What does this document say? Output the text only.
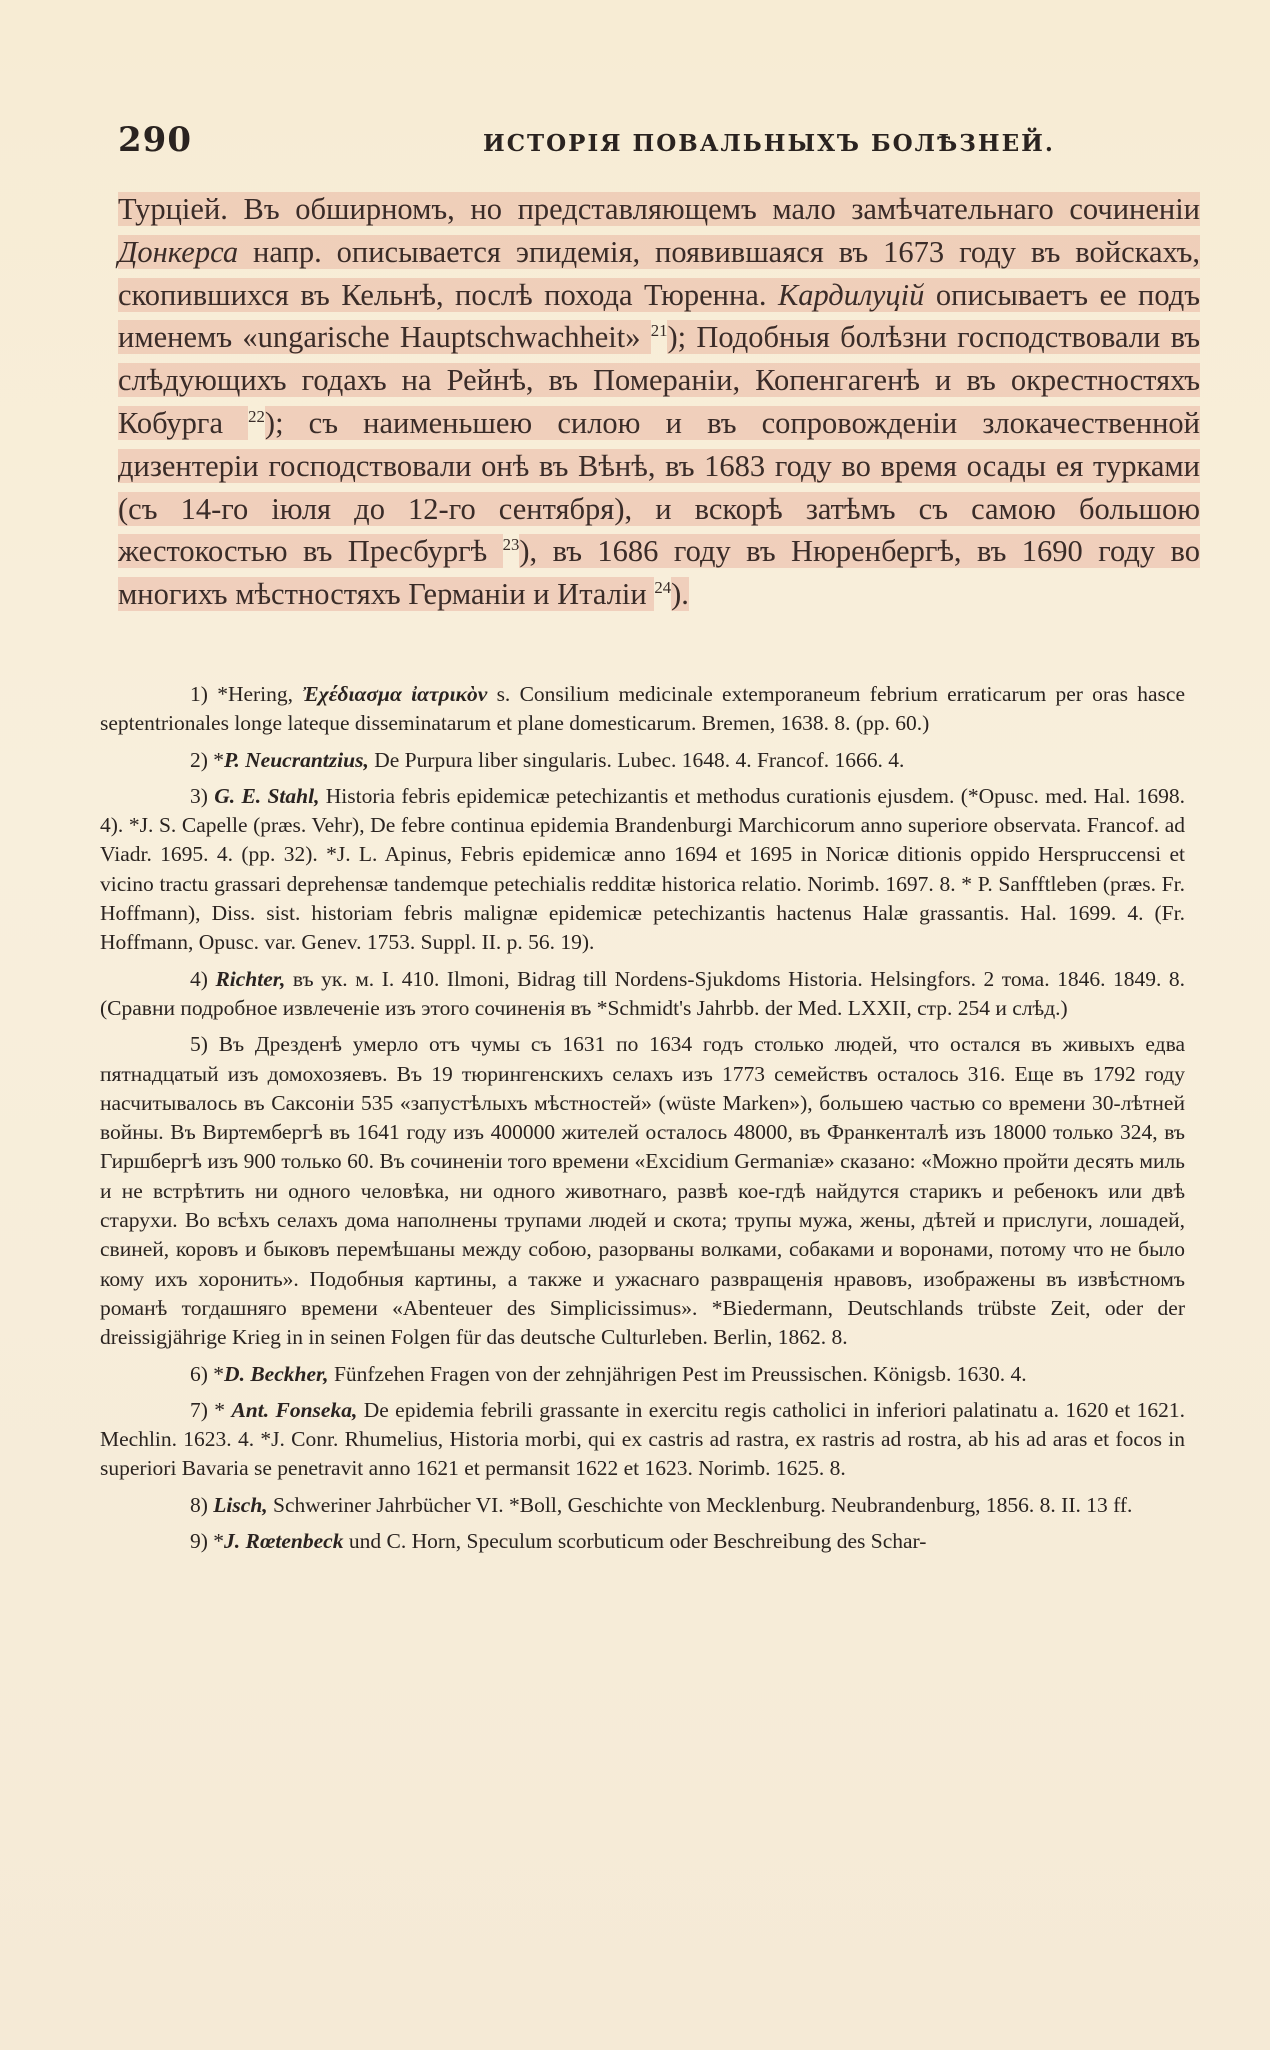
290	ИСТОРІЯ ПОВАЛЬНЫХЪ БОЛѢЗНЕЙ.
Турціей. Въ обширномъ, но представляющемъ мало замѣчательнаго сочиненіи Донкерса напр. описывается эпидемія, появившаяся въ 1673 году въ войскахъ, скопившихся въ Кельнѣ, послѣ похода Тюренна. Кардилуцій описываетъ ее подъ именемъ «ungarische Hauptschwachheit» $^{21}$); Подобныя болѣзни господствовали въ слѣдующихъ годахъ на Рейнѣ, въ Помераніи, Копенгагенѣ и въ окрестностяхъ Кобурга $^{22}$); съ наименьшею силою и въ сопровожденіи злокачественной дизентеріи господствовали онѣ въ Вѣнѣ, въ 1683 году во время осады ея турками (съ 14-го іюля до 12-го сентября), и вскорѣ затѣмъ съ самою большою жестокостью въ Пресбургѣ $^{23}$), въ 1686 году въ Нюренбергѣ, въ 1690 году во многихъ мѣстностяхъ Германіи и Италіи $^{24}$).

1) *Hering, Ἐχέδιασμα ἰατρικὸν s. Consilium medicinale extemporaneum febrium erraticarum per oras hasce septentrionales longe lateque disseminatarum et plane domesticarum. Bremen, 1638. 8. (pp. 60.)

2) *P. Neucrantzius, De Purpura liber singularis. Lubec. 1648. 4. Francof. 1666. 4.

3) G. E. Stahl, Historia febris epidemicæ petechizantis et methodus curationis ejusdem. (*Opusc. med. Hal. 1698. 4). *J. S. Capelle (præs. Vehr), De febre continua epidemia Brandenburgi Marchicorum anno superiore observata. Francof. ad Viadr. 1695. 4. (pp. 32). *J. L. Apinus, Febris epidemicæ anno 1694 et 1695 in Noricæ ditionis oppido Herspruccensi et vicino tractu grassari deprehensæ tandemque petechialis redditæ historica relatio. Norimb. 1697. 8. * P. Sanfftleben (præs. Fr. Hoffmann), Diss. sist. historiam febris malignæ epidemicæ petechizantis hactenus Halæ grassantis. Hal. 1699. 4. (Fr. Hoffmann, Opusc. var. Genev. 1753. Suppl. II. p. 56. 19).

4) Richter, въ ук. м. I. 410. Ilmoni, Bidrag till Nordens-Sjukdoms Historia. Helsingfors. 2 тома. 1846. 1849. 8. (Сравни подробное извлеченіе изъ этого сочиненія въ *Schmidt's Jahrbb. der Med. LXXII, стр. 254 и слѣд.)

5) Въ Дрезденѣ умерло отъ чумы съ 1631 по 1634 годъ столько людей, что остался въ живыхъ едва пятнадцатый изъ домохозяевъ. Въ 19 тюрингенскихъ селахъ изъ 1773 семействъ осталось 316. Еще въ 1792 году насчитывалось въ Саксоніи 535 «запустѣлыхъ мѣстностей» (wüste Marken»), большею частью со времени 30-лѣтней войны. Въ Виртембергѣ въ 1641 году изъ 400000 жителей осталось 48000, въ Франкенталѣ изъ 18000 только 324, въ Гиршбергѣ изъ 900 только 60. Въ сочиненіи того времени «Excidium Germaniæ» сказано: «Можно пройти десять миль и не встрѣтить ни одного человѣка, ни одного животнаго, развѣ кое-гдѣ найдутся старикъ и ребенокъ или двѣ старухи. Во всѣхъ селахъ дома наполнены трупами людей и скота; трупы мужа, жены, дѣтей и прислуги, лошадей, свиней, коровъ и быковъ перемѣшаны между собою, разорваны волками, собаками и воронами, потому что не было кому ихъ хоронить». Подобныя картины, а также и ужаснаго развращенія нравовъ, изображены въ извѣстномъ романѣ тогдашняго времени «Abenteuer des Simplicissimus». *Biedermann, Deutschlands trübste Zeit, oder der dreissigjährige Krieg in in seinen Folgen für das deutsche Culturleben. Berlin, 1862. 8.

6) *D. Beckher, Fünfzehen Fragen von der zehnjährigen Pest im Preussischen. Königsb. 1630. 4.

7) * Ant. Fonseka, De epidemia febrili grassante in exercitu regis catholici in inferiori palatinatu a. 1620 et 1621. Mechlin. 1623. 4. *J. Conr. Rhumelius, Historia morbi, qui ex castris ad rastra, ex rastris ad rostra, ab his ad aras et focos in superiori Bavaria se penetravit anno 1621 et permansit 1622 et 1623. Norimb. 1625. 8.

8) Lisch, Schweriner Jahrbücher VI. *Boll, Geschichte von Mecklenburg. Neubrandenburg, 1856. 8. II. 13 ff.

9) *J. Rœtenbeck und C. Horn, Speculum scorbuticum oder Beschreibung des Schar-
